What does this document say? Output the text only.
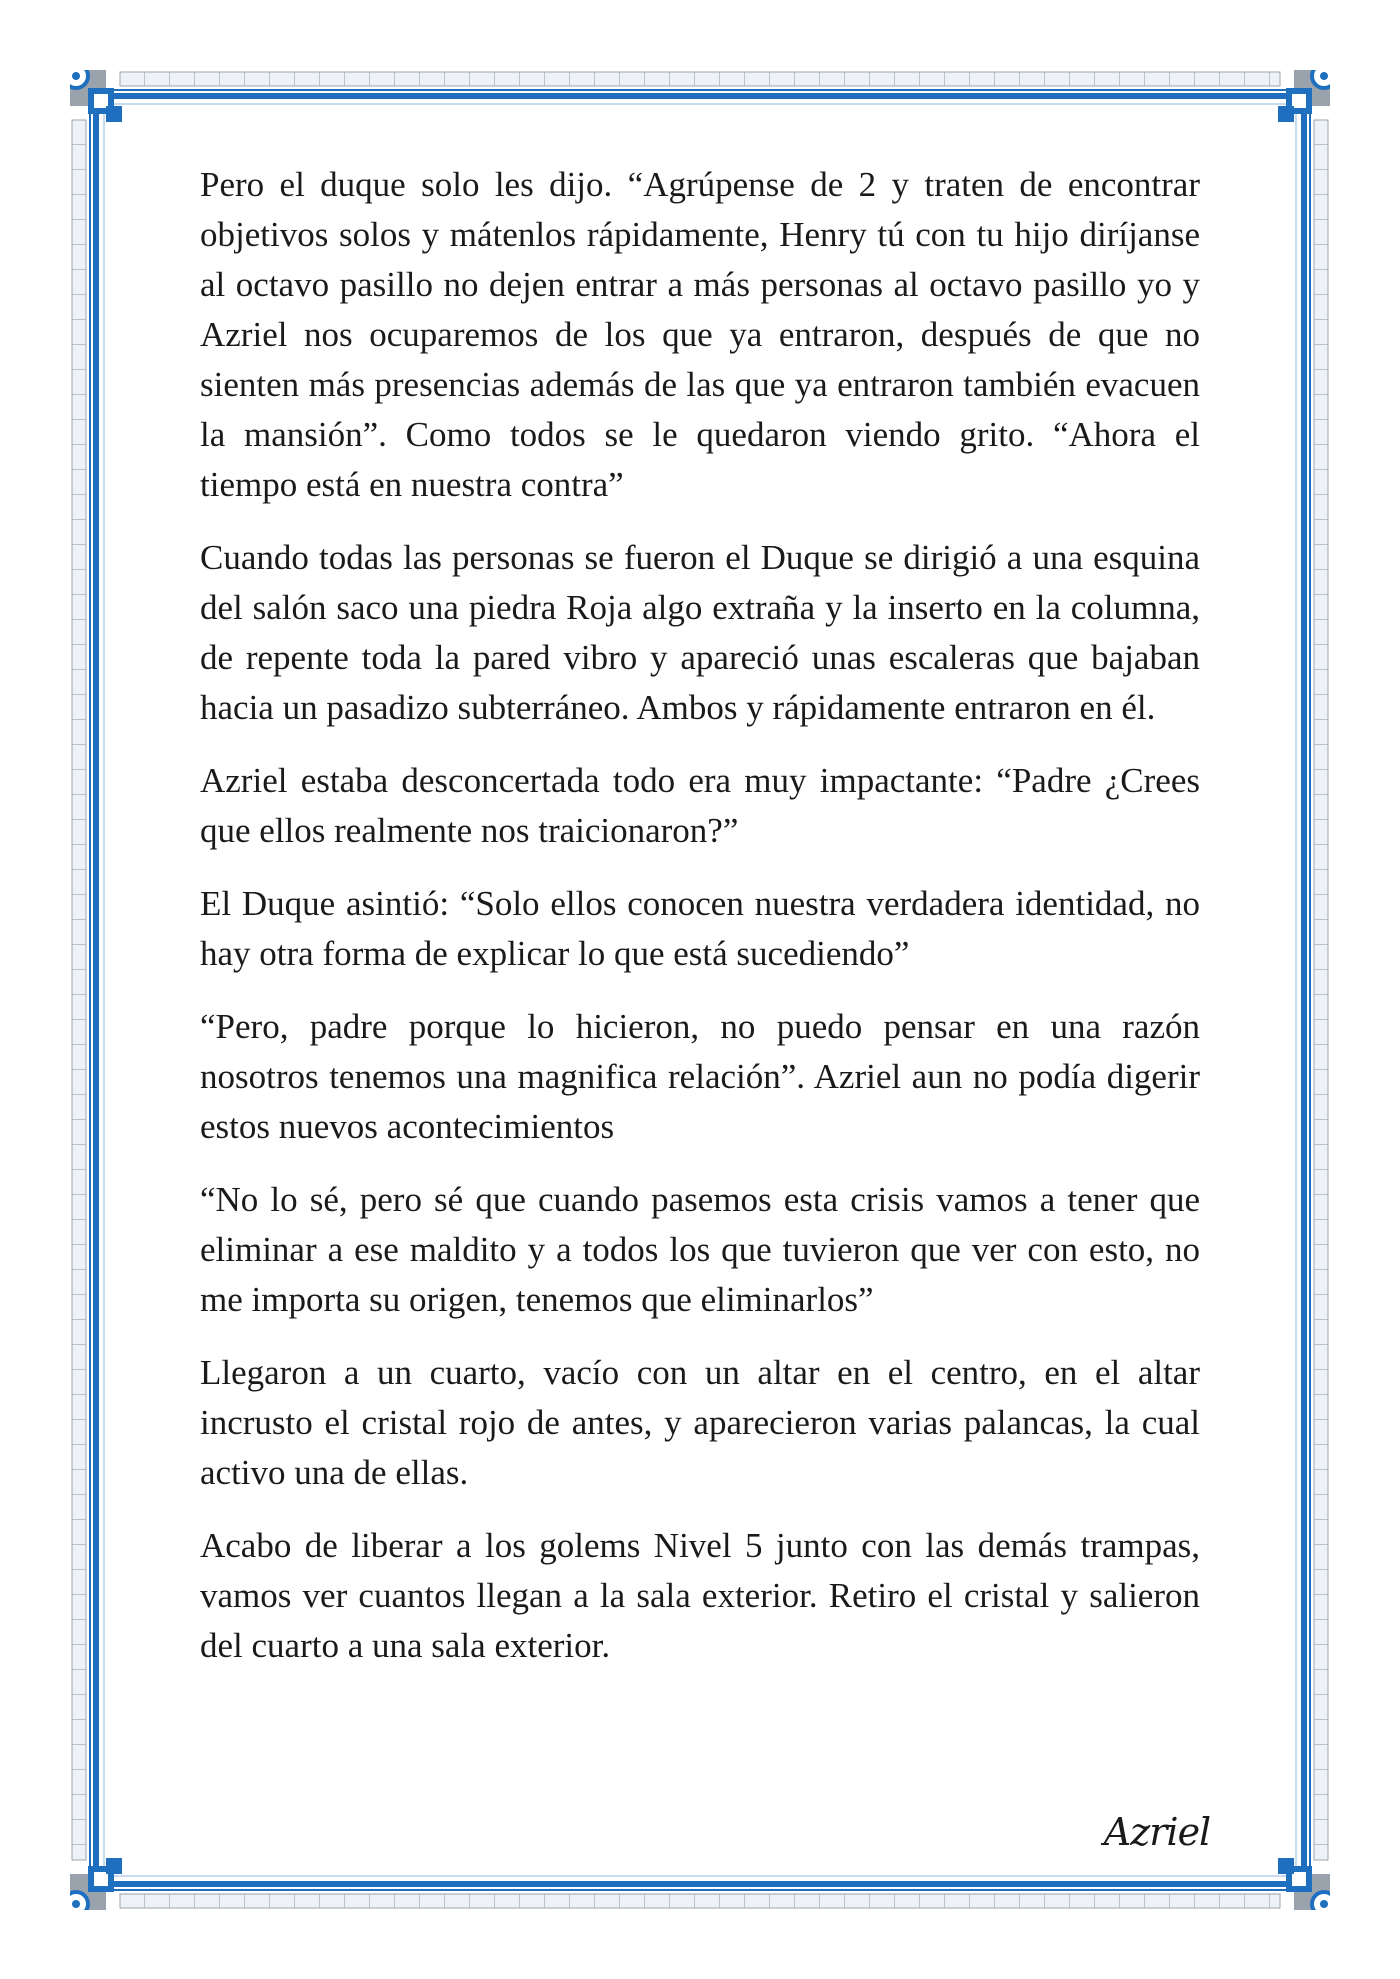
Pero el duque solo les dijo. “Agrúpense de 2 y traten de encontrar objetivos solos y mátenlos rápidamente, Henry tú con tu hijo diríjanse al octavo pasillo no dejen entrar a más personas al octavo pasillo yo y Azriel nos ocuparemos de los que ya entraron, después de que no sienten más presencias además de las que ya entraron también evacuen la mansión”. Como todos se le quedaron viendo grito. “Ahora el tiempo está en nuestra contra”

Cuando todas las personas se fueron el Duque se dirigió a una esquina del salón saco una piedra Roja algo extraña y la inserto en la columna, de repente toda la pared vibro y apareció unas escaleras que bajaban hacia un pasadizo subterráneo. Ambos y rápidamente entraron en él.

Azriel estaba desconcertada todo era muy impactante: “Padre ¿Crees que ellos realmente nos traicionaron?”

El Duque asintió: “Solo ellos conocen nuestra verdadera identidad, no hay otra forma de explicar lo que está sucediendo”

“Pero, padre porque lo hicieron, no puedo pensar en una razón nosotros tenemos una magnifica relación”. Azriel aun no podía digerir estos nuevos acontecimientos

“No lo sé, pero sé que cuando pasemos esta crisis vamos a tener que eliminar a ese maldito y a todos los que tuvieron que ver con esto, no me importa su origen, tenemos que eliminarlos”

Llegaron a un cuarto, vacío con un altar en el centro, en el altar incrusto el cristal rojo de antes, y aparecieron varias palancas, la cual activo una de ellas.

Acabo de liberar a los golems Nivel 5 junto con las demás trampas, vamos ver cuantos llegan a la sala exterior. Retiro el cristal y salieron del cuarto a una sala exterior.

Azriel
